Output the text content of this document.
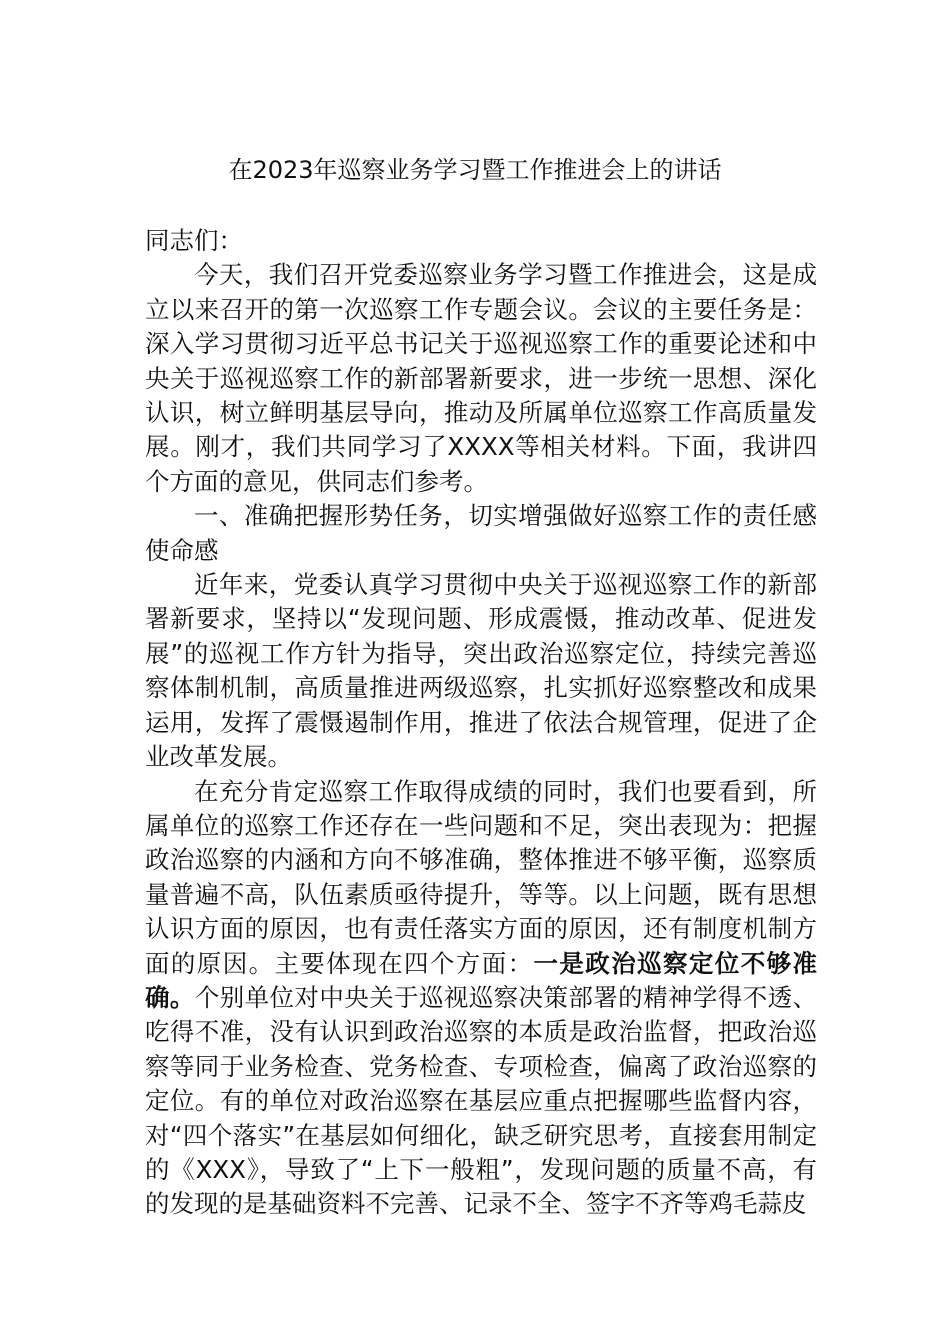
在2023年巡察业务学习暨工作推进会上的讲话

同志们：

今天，我们召开党委巡察业务学习暨工作推进会，这是成立以来召开的第一次巡察工作专题会议。会议的主要任务是：深入学习贯彻习近平总书记关于巡视巡察工作的重要论述和中央关于巡视巡察工作的新部署新要求，进一步统一思想、深化认识，树立鲜明基层导向，推动及所属单位巡察工作高质量发展。刚才，我们共同学习了XXXX等相关材料。下面，我讲四个方面的意见，供同志们参考。

一、准确把握形势任务，切实增强做好巡察工作的责任感使命感

近年来，党委认真学习贯彻中央关于巡视巡察工作的新部署新要求，坚持以“发现问题、形成震慑，推动改革、促进发展”的巡视工作方针为指导，突出政治巡察定位，持续完善巡察体制机制，高质量推进两级巡察，扎实抓好巡察整改和成果运用，发挥了震慑遏制作用，推进了依法合规管理，促进了企业改革发展。

在充分肯定巡察工作取得成绩的同时，我们也要看到，所属单位的巡察工作还存在一些问题和不足，突出表现为：把握政治巡察的内涵和方向不够准确，整体推进不够平衡，巡察质量普遍不高，队伍素质亟待提升，等等。以上问题，既有思想认识方面的原因，也有责任落实方面的原因，还有制度机制方面的原因。主要体现在四个方面：一是政治巡察定位不够准确。个别单位对中央关于巡视巡察决策部署的精神学得不透、吃得不准，没有认识到政治巡察的本质是政治监督，把政治巡察等同于业务检查、党务检查、专项检查，偏离了政治巡察的定位。有的单位对政治巡察在基层应重点把握哪些监督内容，对“四个落实”在基层如何细化，缺乏研究思考，直接套用制定的《XXX》，导致了“上下一般粗”，发现问题的质量不高，有的发现的是基础资料不完善、记录不全、签字不齐等鸡毛蒜皮
